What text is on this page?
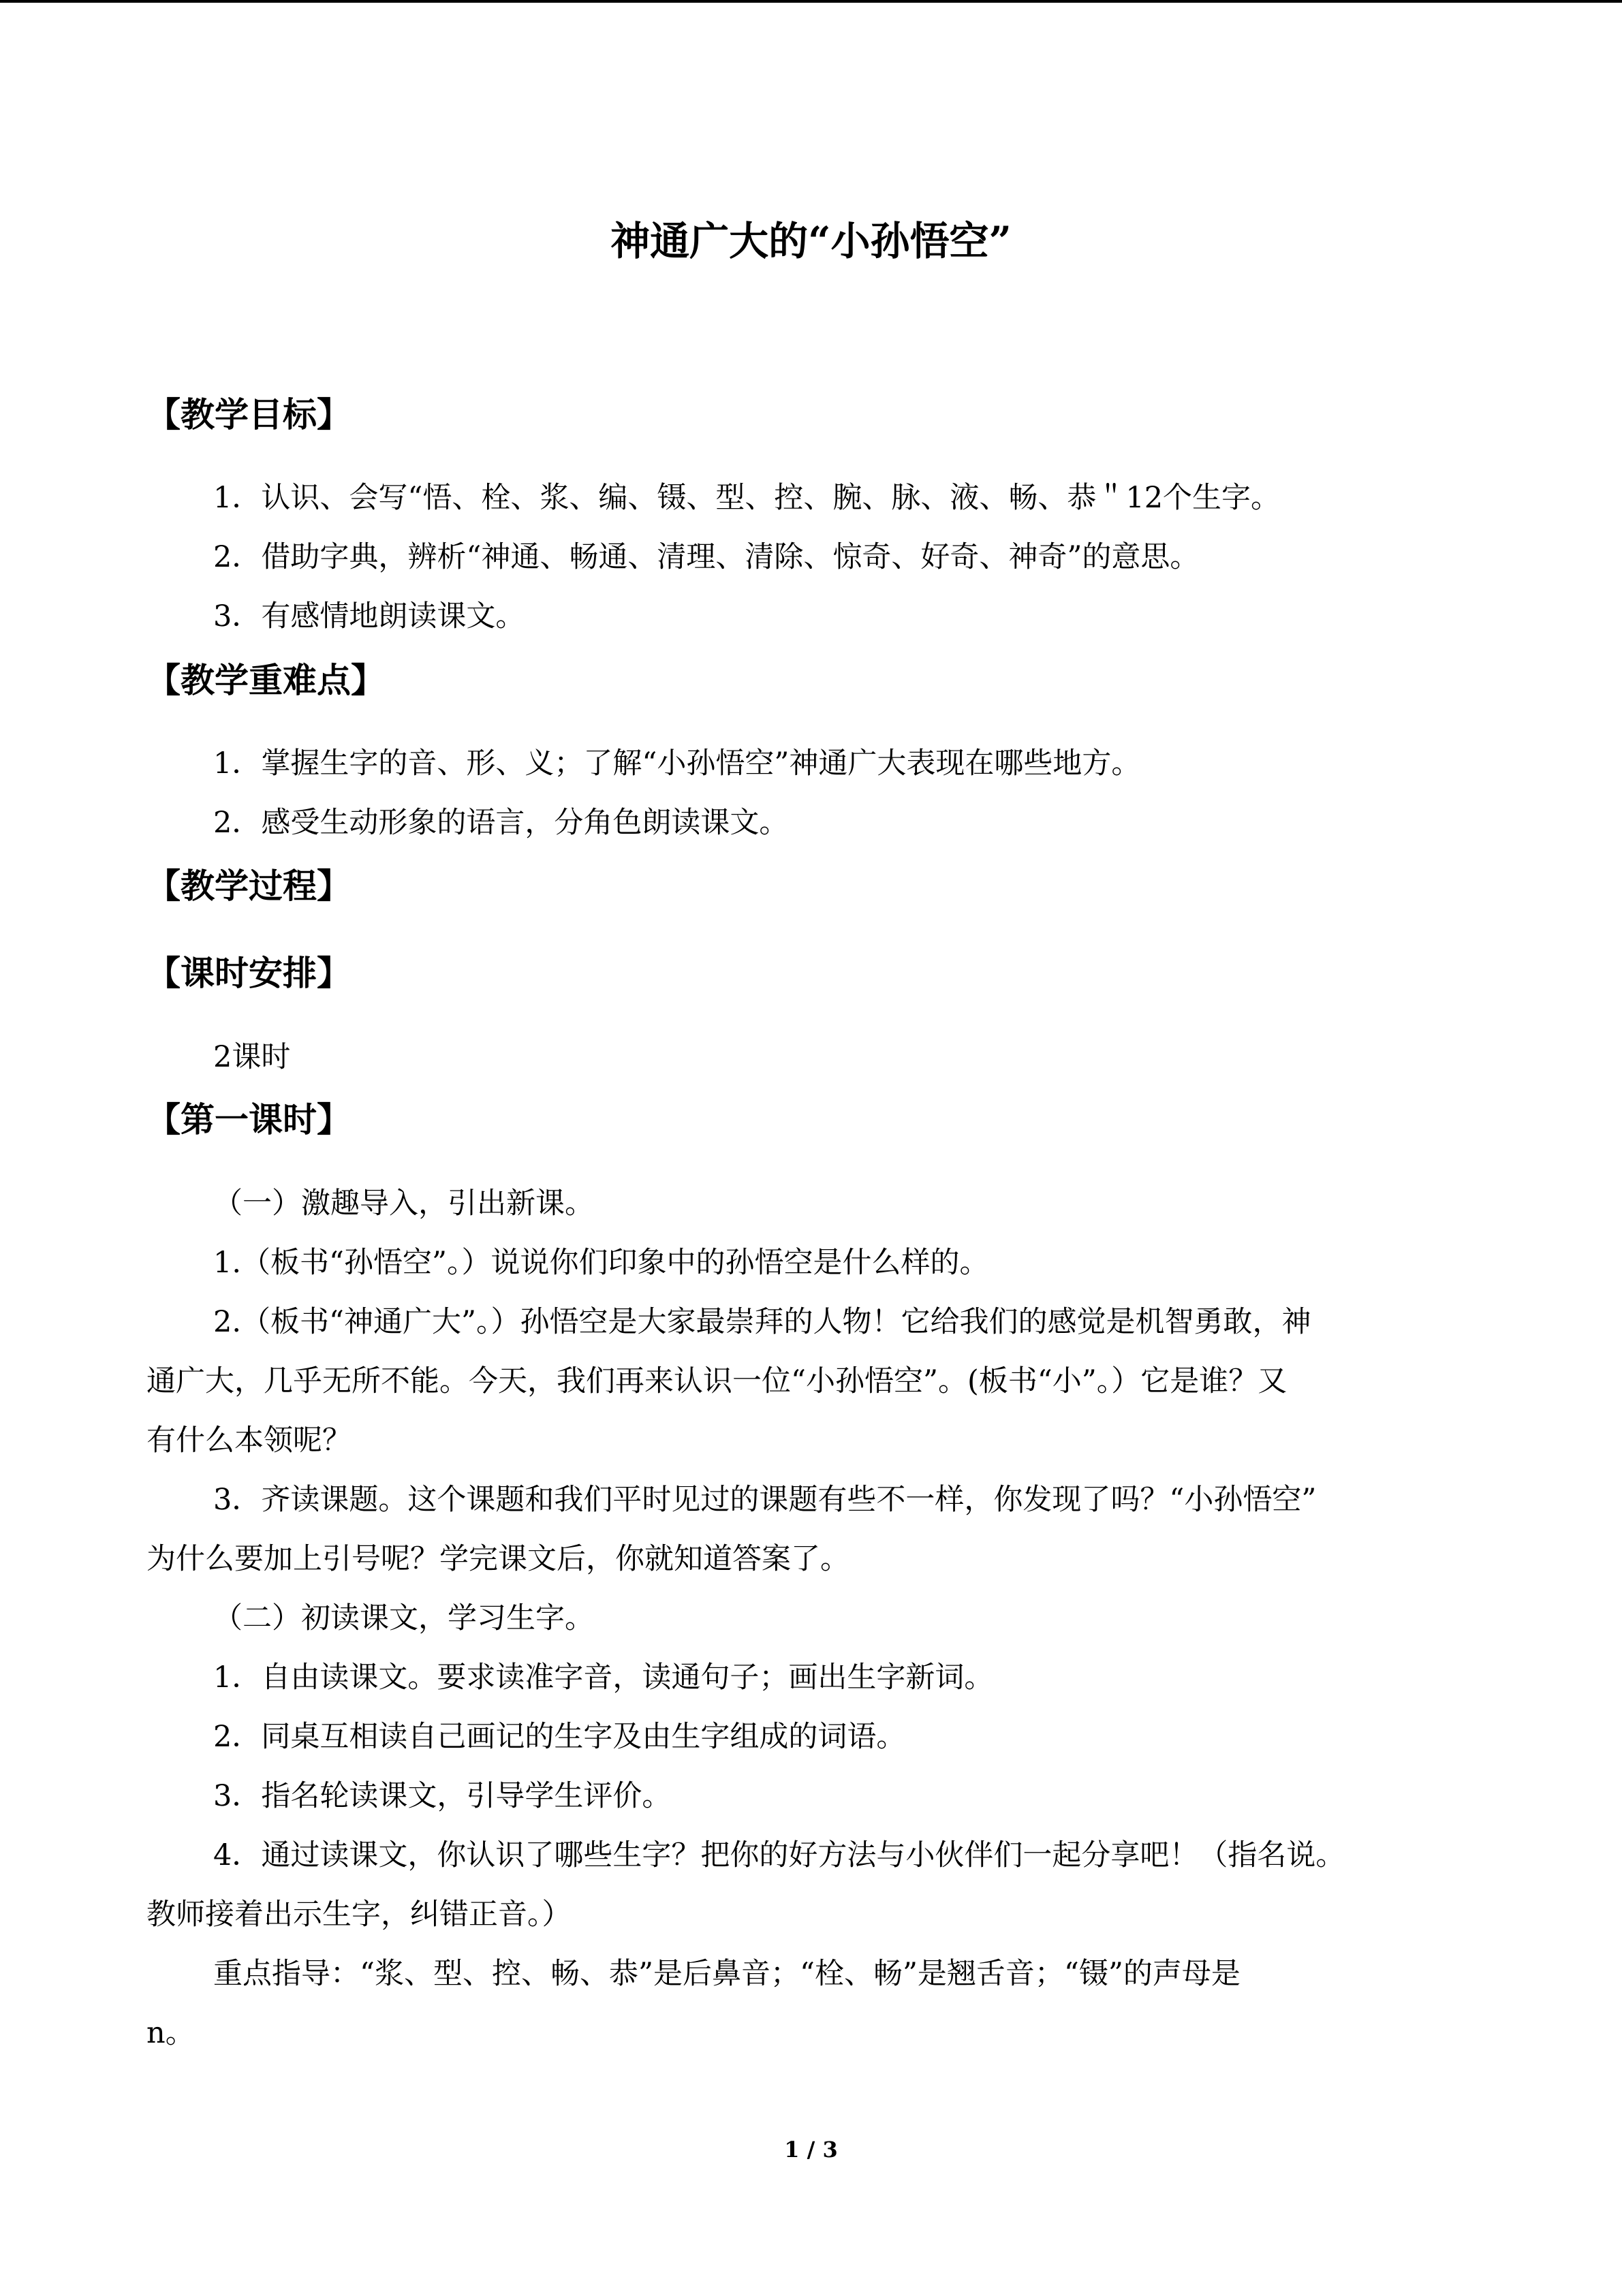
神通广大的“小孙悟空”
【教学目标】
1．认识、会写“悟、栓、浆、编、镊、型、控、腕、脉、液、畅、恭＂12个生字。
2．借助字典，辨析“神通、畅通、清理、清除、惊奇、好奇、神奇”的意思。
3．有感情地朗读课文。
【教学重难点】
1．掌握生字的音、形、义；了解“小孙悟空”神通广大表现在哪些地方。
2．感受生动形象的语言，分角色朗读课文。
【教学过程】
【课时安排】
2课时
【第一课时】
（一）激趣导入，引出新课。
1.（板书“孙悟空”。）说说你们印象中的孙悟空是什么样的。
2.（板书“神通广大”。）孙悟空是大家最崇拜的人物！它给我们的感觉是机智勇敢，神
通广大，几乎无所不能。今天，我们再来认识一位“小孙悟空”。(板书“小”。）它是谁？又
有什么本领呢？
3．齐读课题。这个课题和我们平时见过的课题有些不一样，你发现了吗？“小孙悟空”
为什么要加上引号呢？学完课文后，你就知道答案了。
（二）初读课文，学习生字。
1．自由读课文。要求读准字音，读通句子；画出生字新词。
2．同桌互相读自己画记的生字及由生字组成的词语。
3．指名轮读课文，引导学生评价。
4．通过读课文，你认识了哪些生字？把你的好方法与小伙伴们一起分享吧！（指名说。
教师接着出示生字，纠错正音。）
重点指导：“浆、型、控、畅、恭”是后鼻音；“栓、畅”是翘舌音；“镊”的声母是
n。
1 / 3
